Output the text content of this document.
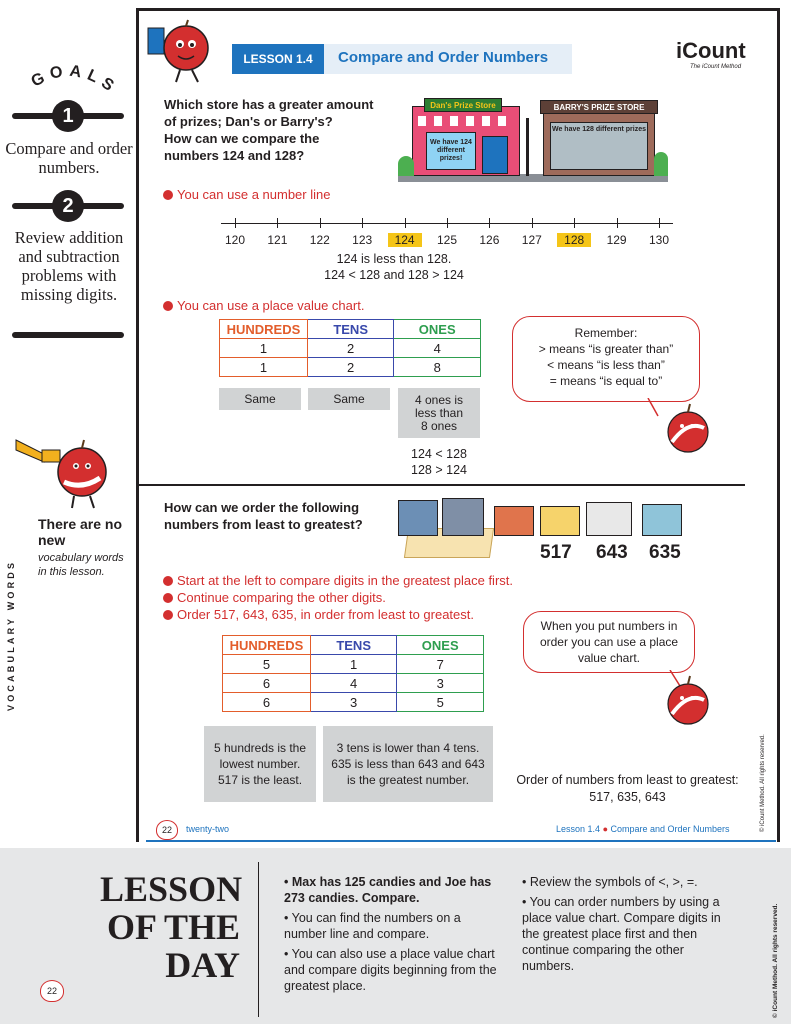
GOALS
1
Compare and order numbers.
2
Review addition and subtraction problems with missing digits.
VOCABULARY WORDS
There are no new
vocabulary words in this lesson.
LESSON 1.4	Compare and Order Numbers	iCount
The iCount Method
Which store has a greater amount
of prizes; Dan's or Barry's?
How can we compare the
numbers 124 and 128?
Dan's Prize Store
We have 124 different prizes!
BARRY'S PRIZE STORE
We have 128 different prizes
You can use a number line
120	121	122	123	124	125	126	127	128	129	130
124 is less than 128.
124 < 128 and 128 > 124
You can use a place value chart.
HUNDREDS	TENS	ONES
1	2	4
1	2	8
Same	Same	4 ones is less than 8 ones
124 < 128
128 > 124
Remember:
> means “is greater than”
< means “is less than”
= means “is equal to”
How can we order the following
numbers from least to greatest?
517 643 635
Start at the left to compare digits in the greatest place first.
Continue comparing the other digits.
Order 517, 643, 635, in order from least to greatest.
HUNDREDS	TENS	ONES
5	1	7
6	4	3
6	3	5
5 hundreds is the lowest number. 517 is the least.
3 tens is lower than 4 tens. 635 is less than 643 and 643 is the greatest number.
When you put numbers in order you can use a place value chart.
Order of numbers from least to greatest:
517, 635, 643
22	twenty-two	Lesson 1.4 ● Compare and Order Numbers	© iCount Method. All rights reserved.
LESSON
OF THE
DAY
22
• Max has 125 candies and Joe has 273 candies. Compare.
• You can find the numbers on a number line and compare.
• You can also use a place value chart and compare digits beginning from the greatest place.
• Review the symbols of <, >, =.
• You can order numbers by using a place value chart. Compare digits in the greatest place first and then continue comparing the other numbers.	© iCount Method. All rights reserved.
